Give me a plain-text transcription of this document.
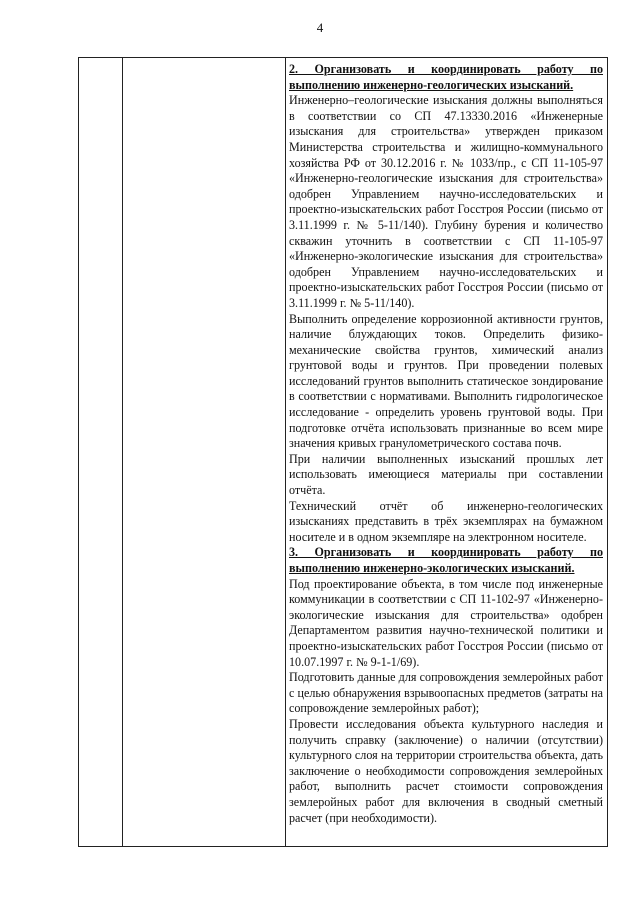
4

2. Организовать и координировать работу по выполнению инженерно-геологических изысканий.

Инженерно–геологические изыскания должны выполняться в соответствии со СП 47.13330.2016 «Инженерные изыскания для строительства» утвержден приказом Министерства строительства и жилищно-коммунального хозяйства РФ от 30.12.2016 г. № 1033/пр., с СП 11-105-97 «Инженерно-геологические изыскания для строительства» одобрен Управлением научно-исследовательских и проектно-изыскательских работ Госстроя России (письмо от 3.11.1999 г. № 5-11/140). Глубину бурения и количество скважин уточнить в соответствии с СП 11-105-97 «Инженерно-экологические изыскания для строительства» одобрен Управлением научно-исследовательских и проектно-изыскательских работ Госстроя России (письмо от 3.11.1999 г. № 5-11/140).

Выполнить определение коррозионной активности грунтов, наличие блуждающих токов. Определить физико-механические свойства грунтов, химический анализ грунтовой воды и грунтов. При проведении полевых исследований грунтов выполнить статическое зондирование в соответствии с нормативами. Выполнить гидрологическое исследование - определить уровень грунтовой воды. При подготовке отчёта использовать признанные во всем мире значения кривых гранулометрического состава почв.

При наличии выполненных изысканий прошлых лет использовать имеющиеся материалы при составлении отчёта.

Технический отчёт об инженерно-геологических изысканиях представить в трёх экземплярах на бумажном носителе и в одном экземпляре на электронном носителе.

3. Организовать и координировать работу по выполнению инженерно-экологических изысканий.

Под проектирование объекта, в том числе под инженерные коммуникации в соответствии с СП 11-102-97 «Инженерно-экологические изыскания для строительства» одобрен Департаментом развития научно-технической политики и проектно-изыскательских работ Госстроя России (письмо от 10.07.1997 г. № 9-1-1/69).

Подготовить данные для сопровождения землеройных работ с целью обнаружения взрывоопасных предметов (затраты на сопровождение землеройных работ);

Провести исследования объекта культурного наследия и получить справку (заключение) о наличии (отсутствии) культурного слоя на территории строительства объекта, дать заключение о необходимости сопровождения землеройных работ, выполнить расчет стоимости сопровождения землеройных работ для включения в сводный сметный расчет (при необходимости).
